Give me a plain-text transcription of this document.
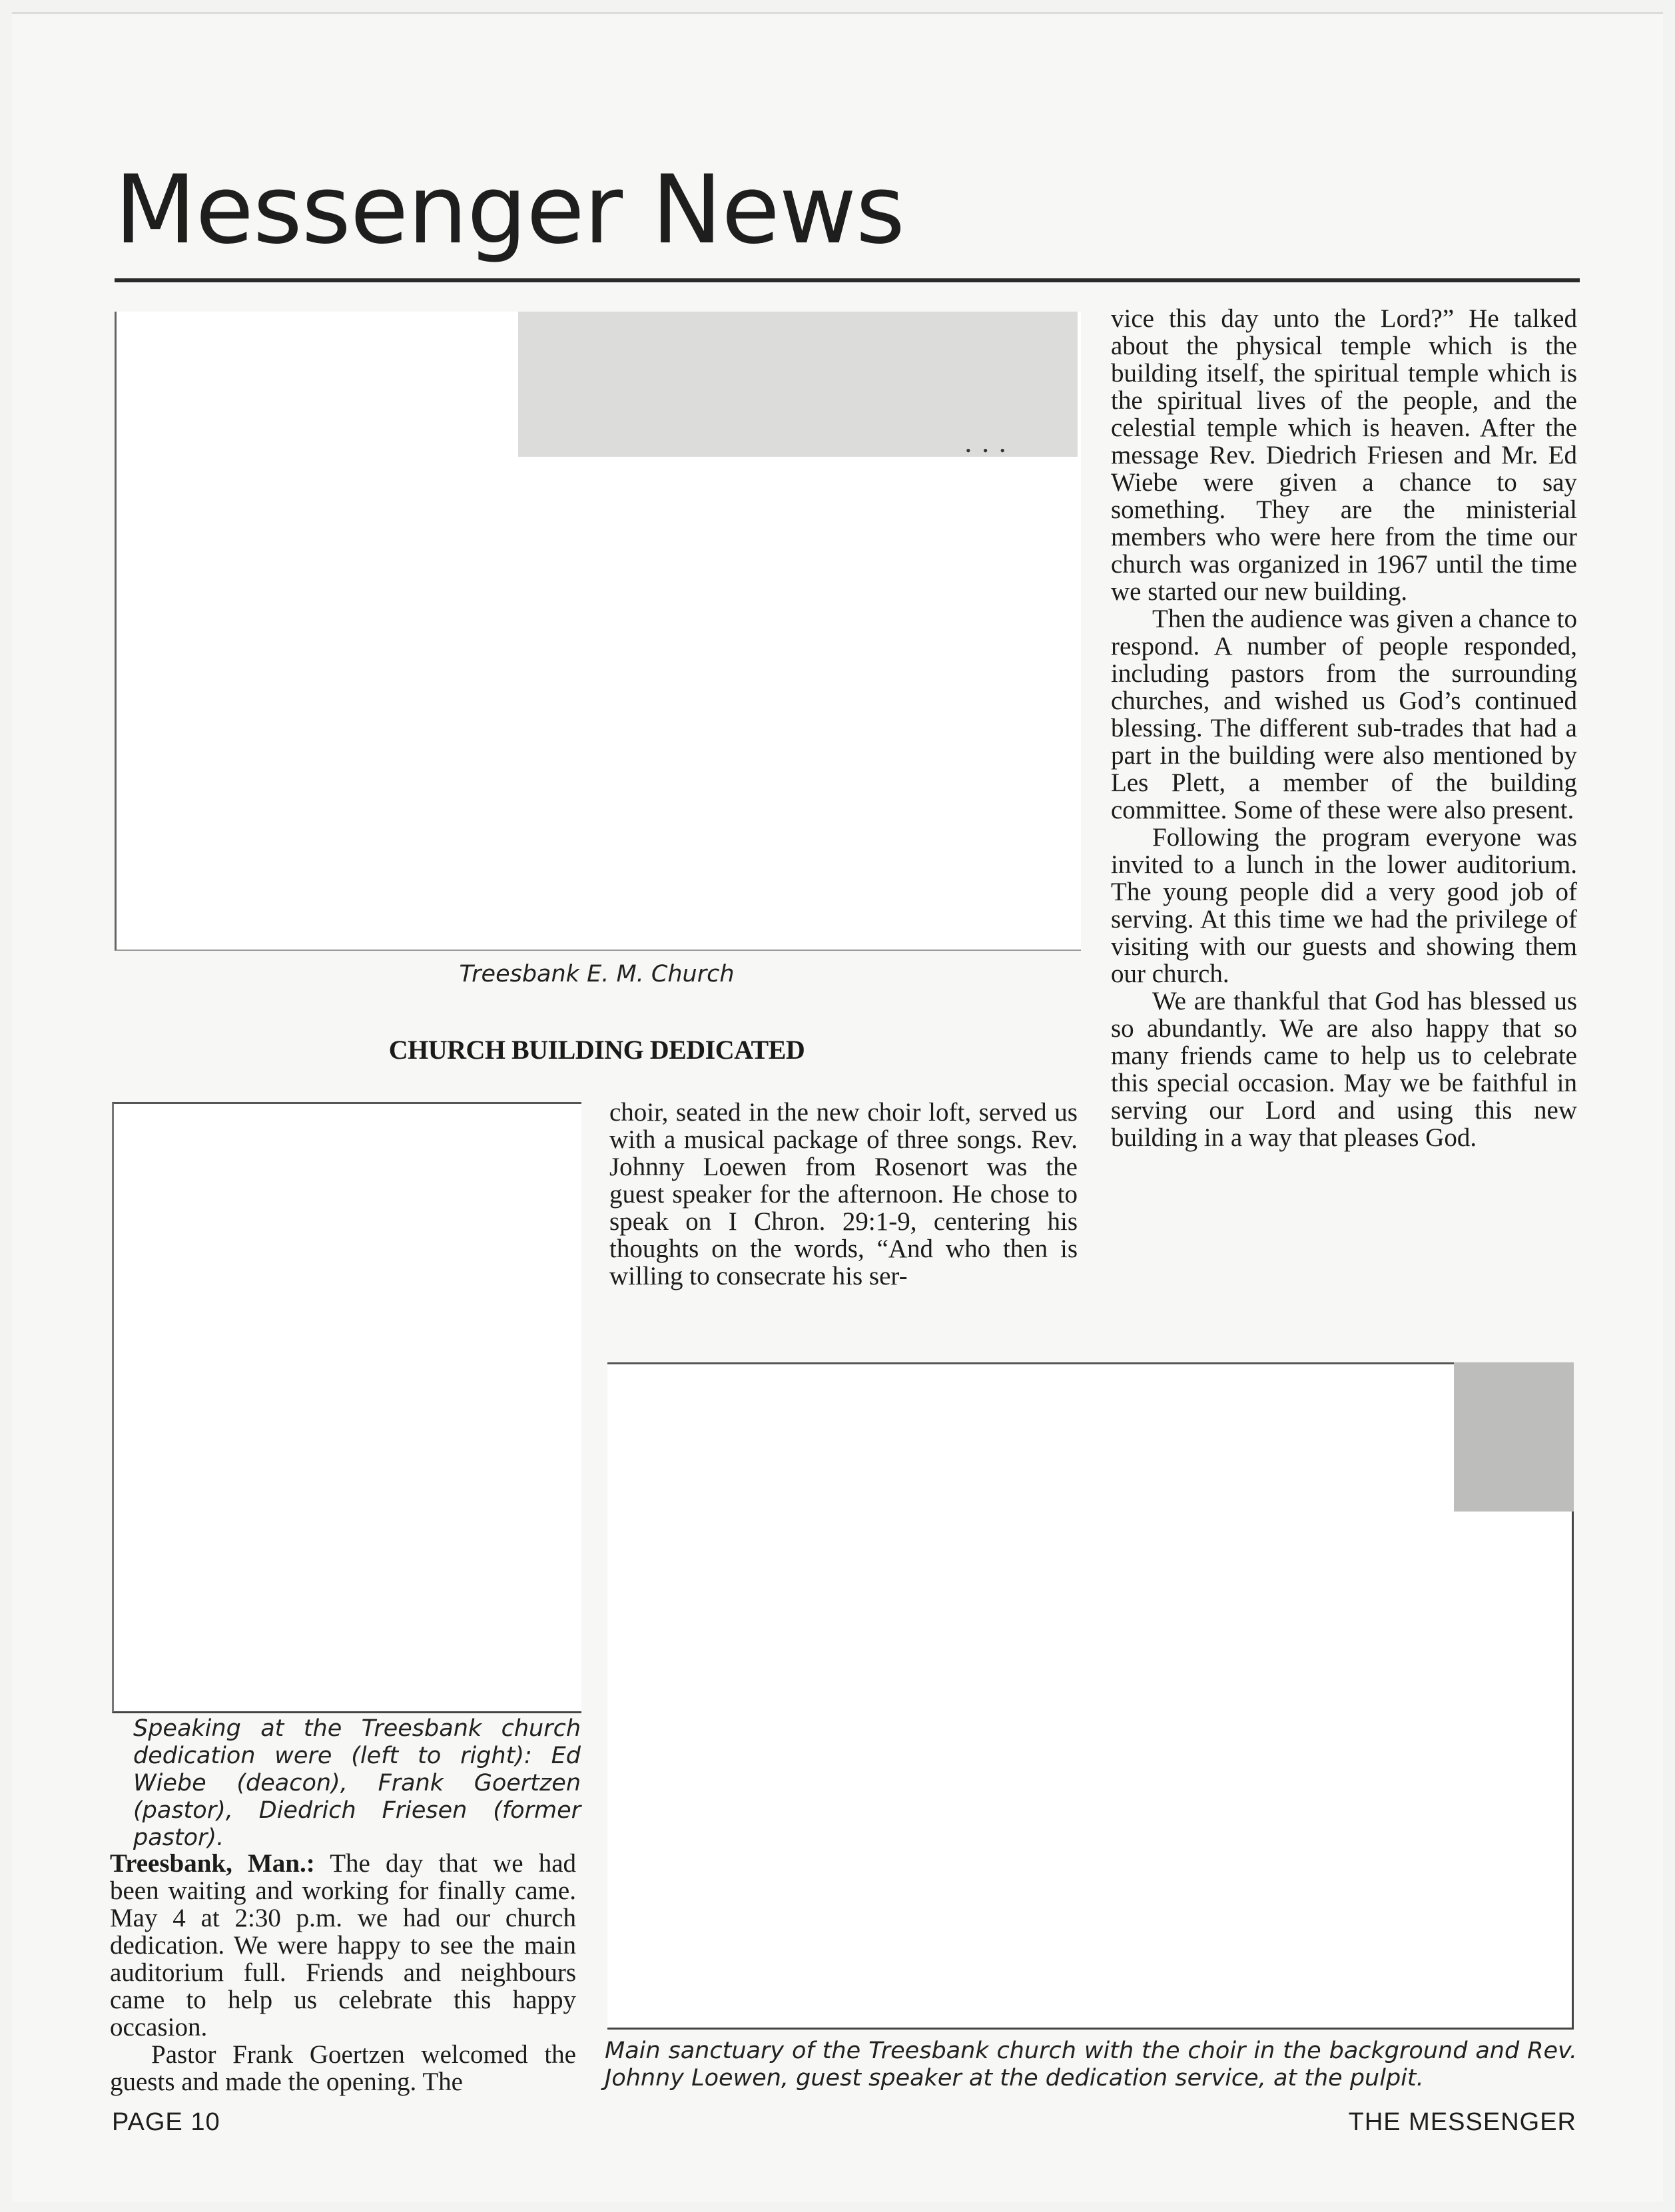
Messenger News
•••

Treesbank E. M. Church

CHURCH BUILDING DEDICATED

Speaking at the Treesbank church dedication were (left to right): Ed Wiebe (deacon), Frank Goertzen (pastor), Diedrich Friesen (former pastor).

choir, seated in the new choir loft, served us with a musical package of three songs. Rev. Johnny Loewen from Rosenort was the guest speaker for the afternoon. He chose to speak on I Chron. 29:1-9, centering his thoughts on the words, “And who then is willing to consecrate his ser-

vice this day unto the Lord?” He talked about the physical temple which is the building itself, the spiritual temple which is the spiritual lives of the people, and the celestial temple which is heaven. After the message Rev. Diedrich Friesen and Mr. Ed Wiebe were given a chance to say something. They are the ministerial members who were here from the time our church was organized in 1967 until the time we started our new building.

Then the audience was given a chance to respond. A number of people responded, including pastors from the surrounding churches, and wished us God’s continued blessing. The different sub-trades that had a part in the building were also mentioned by Les Plett, a member of the building committee. Some of these were also present.

Following the program everyone was invited to a lunch in the lower auditorium. The young people did a very good job of serving. At this time we had the privilege of visiting with our guests and showing them our church.

We are thankful that God has blessed us so abundantly. We are also happy that so many friends came to help us to celebrate this special occasion. May we be faithful in serving our Lord and using this new building in a way that pleases God.

Main sanctuary of the Treesbank church with the choir in the background and Rev. Johnny Loewen, guest speaker at the dedication service, at the pulpit.

Treesbank, Man.: The day that we had been waiting and working for finally came. May 4 at 2:30 p.m. we had our church dedication. We were happy to see the main auditorium full. Friends and neighbours came to help us celebrate this happy occasion.

Pastor Frank Goertzen welcomed the guests and made the opening. The

PAGE 10	THE MESSENGER
